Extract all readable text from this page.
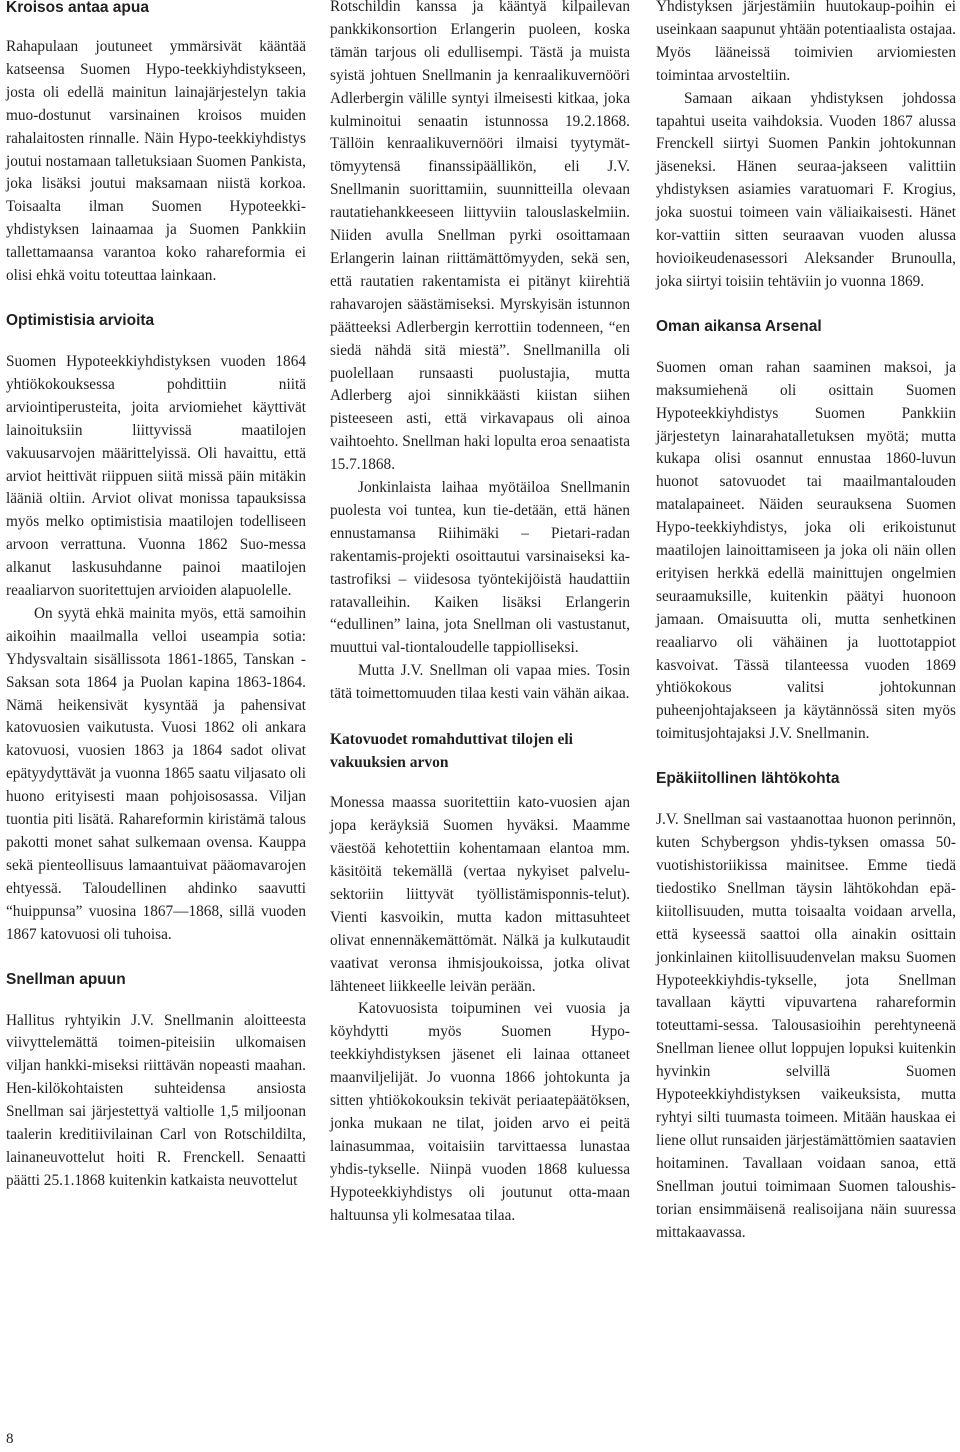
Kroisos antaa apua

Rahapulaan joutuneet ymmärsivät kääntää katseensa Suomen Hypo-teekkiyhdistykseen, josta oli edellä mainitun lainajärjestelyn takia muo-dostunut varsinainen kroisos muiden rahalaitosten rinnalle. Näin Hypo-teekkiyhdistys joutui nostamaan talletuksiaan Suomen Pankista, joka lisäksi joutui maksamaan niistä korkoa. Toisaalta ilman Suomen Hypoteekki-yhdistyksen lainaamaa ja Suomen Pankkiin tallettamaansa varantoa koko rahareformia ei olisi ehkä voitu toteuttaa lainkaan.

Optimistisia arvioita

Suomen Hypoteekkiyhdistyksen vuoden 1864 yhtiökokouksessa pohdittiin niitä arviointiperusteita, joita arviomiehet käyttivät lainoituksiin liittyvissä maatilojen vakuusarvojen määrittelyissä. Oli havaittu, että arviot heittivät riippuen siitä missä päin mitäkin lääniä oltiin. Arviot olivat monissa tapauksissa myös melko optimistisia maatilojen todelliseen arvoon verrattuna. Vuonna 1862 Suo-messa alkanut laskusuhdanne painoi maatilojen reaaliarvon suoritettujen arvioiden alapuolelle.

On syytä ehkä mainita myös, että samoihin aikoihin maailmalla velloi useampia sotia: Yhdysvaltain sisällissota 1861-1865, Tanskan - Saksan sota 1864 ja Puolan kapina 1863-1864. Nämä heikensivät kysyntää ja pahensivat katovuosien vaikutusta. Vuosi 1862 oli ankara katovuosi, vuosien 1863 ja 1864 sadot olivat epätyydyttävät ja vuonna 1865 saatu viljasato oli huono erityisesti maan pohjoisosassa. Viljan tuontia piti lisätä. Rahareformin kiristämä talous pakotti monet sahat sulkemaan ovensa. Kauppa sekä pienteollisuus lamaantuivat pääomavarojen ehtyessä. Taloudellinen ahdinko saavutti “huippunsa” vuosina 1867—1868, sillä vuoden 1867 katovuosi oli tuhoisa.

Snellman apuun

Hallitus ryhtyikin J.V. Snellmanin aloitteesta viivyttelemättä toimen-piteisiin ulkomaisen viljan hankki-miseksi riittävän nopeasti maahan. Hen-kilökohtaisten suhteidensa ansiosta Snellman sai järjestettyä valtiolle 1,5 miljoonan taalerin kreditiivilainan Carl von Rotschildilta, lainaneuvottelut hoiti R. Frenckell. Senaatti päätti 25.1.1868 kuitenkin katkaista neuvottelut

Rotschildin kanssa ja kääntyä kilpailevan pankkikonsortion Erlangerin puoleen, koska tämän tarjous oli edullisempi. Tästä ja muista syistä johtuen Snellmanin ja kenraalikuvernööri Adlerbergin välille syntyi ilmeisesti kitkaa, joka kulminoitui senaatin istunnossa 19.2.1868. Tällöin kenraalikuvernööri ilmaisi tyytymät-tömyytensä finanssipäällikön, eli J.V. Snellmanin suorittamiin, suunnitteilla olevaan rautatiehankkeeseen liittyviin talouslaskelmiin. Niiden avulla Snellman pyrki osoittamaan Erlangerin lainan riittämättömyyden, sekä sen, että rautatien rakentamista ei pitänyt kiirehtiä rahavarojen säästämiseksi. Myrskyisän istunnon päätteeksi Adlerbergin kerrottiin todenneen, “en siedä nähdä sitä miestä”. Snellmanilla oli puolellaan runsaasti puolustajia, mutta Adlerberg ajoi sinnikkäästi kiistan siihen pisteeseen asti, että virkavapaus oli ainoa vaihtoehto. Snellman haki lopulta eroa senaatista 15.7.1868.

Jonkinlaista laihaa myötäiloa Snellmanin puolesta voi tuntea, kun tie-detään, että hänen ennustamansa Riihimäki – Pietari-radan rakentamis-projekti osoittautui varsinaiseksi ka-tastrofiksi – viidesosa työntekijöistä haudattiin ratavalleihin. Kaiken lisäksi Erlangerin “edullinen” laina, jota Snellman oli vastustanut, muuttui val-tiontaloudelle tappiolliseksi.

Mutta J.V. Snellman oli vapaa mies. Tosin tätä toimettomuuden tilaa kesti vain vähän aikaa.

Katovuodet romahduttivat tilojen eli vakuuksien arvon

Monessa maassa suoritettiin kato-vuosien ajan jopa keräyksiä Suomen hyväksi. Maamme väestöä kehotettiin kohentamaan elantoa mm. käsitöitä tekemällä (vertaa nykyiset palvelu-sektoriin liittyvät työllistämisponnis-telut). Vienti kasvoikin, mutta kadon mittasuhteet olivat ennennäkemättömät. Nälkä ja kulkutaudit vaativat veronsa ihmisjoukoissa, jotka olivat lähteneet liikkeelle leivän perään.

Katovuosista toipuminen vei vuosia ja köyhdytti myös Suomen Hypo-teekkiyhdistyksen jäsenet eli lainaa ottaneet maanviljelijät. Jo vuonna 1866 johtokunta ja sitten yhtiökokouksin tekivät periaatepäätöksen, jonka mukaan ne tilat, joiden arvo ei peitä lainasummaa, voitaisiin tarvittaessa lunastaa yhdis-tykselle. Niinpä vuoden 1868 kuluessa Hypoteekkiyhdistys oli joutunut otta-maan haltuunsa yli kolmesataa tilaa.

Yhdistyksen järjestämiin huutokaup-poihin ei useinkaan saapunut yhtään potentiaalista ostajaa. Myös lääneissä toimivien arviomiesten toimintaa arvosteltiin.

Samaan aikaan yhdistyksen johdossa tapahtui useita vaihdoksia. Vuoden 1867 alussa Frenckell siirtyi Suomen Pankin johtokunnan jäseneksi. Hänen seuraa-jakseen valittiin yhdistyksen asiamies varatuomari F. Krogius, joka suostui toimeen vain väliaikaisesti. Hänet kor-vattiin sitten seuraavan vuoden alussa hovioikeudenasessori Aleksander Brunoulla, joka siirtyi toisiin tehtäviin jo vuonna 1869.

Oman aikansa Arsenal

Suomen oman rahan saaminen maksoi, ja maksumiehenä oli osittain Suomen Hypoteekkiyhdistys Suomen Pankkiin järjestetyn lainarahatalletuksen myötä; mutta kukapa olisi osannut ennustaa 1860-luvun huonot satovuodet tai maailmantalouden matalapaineet. Näiden seurauksena Suomen Hypo-teekkiyhdistys, joka oli erikoistunut maatilojen lainoittamiseen ja joka oli näin ollen erityisen herkkä edellä mainittujen ongelmien seuraamuksille, kuitenkin päätyi huonoon jamaan. Omaisuutta oli, mutta senhetkinen reaaliarvo oli vähäinen ja luottotappiot kasvoivat. Tässä tilanteessa vuoden 1869 yhtiökokous valitsi johtokunnan puheenjohtajakseen ja käytännössä siten myös toimitusjohtajaksi J.V. Snellmanin.

Epäkiitollinen lähtökohta

J.V. Snellman sai vastaanottaa huonon perinnön, kuten Schybergson yhdis-tyksen omassa 50-vuotishistoriikissa mainitsee. Emme tiedä tiedostiko Snellman täysin lähtökohdan epä-kiitollisuuden, mutta toisaalta voidaan arvella, että kyseessä saattoi olla ainakin osittain jonkinlainen kiitollisuudenvelan maksu Suomen Hypoteekkiyhdis-tykselle, jota Snellman tavallaan käytti vipuvartena rahareformin toteuttami-sessa. Talousasioihin perehtyneenä Snellman lienee ollut loppujen lopuksi kuitenkin hyvinkin selvillä Suomen Hypoteekkiyhdistyksen vaikeuksista, mutta ryhtyi silti tuumasta toimeen. Mitään hauskaa ei liene ollut runsaiden järjestämättömien saatavien hoitaminen. Tavallaan voidaan sanoa, että Snellman joutui toimimaan Suomen taloushis-torian ensimmäisenä realisoijana näin suuressa mittakaavassa.

8
